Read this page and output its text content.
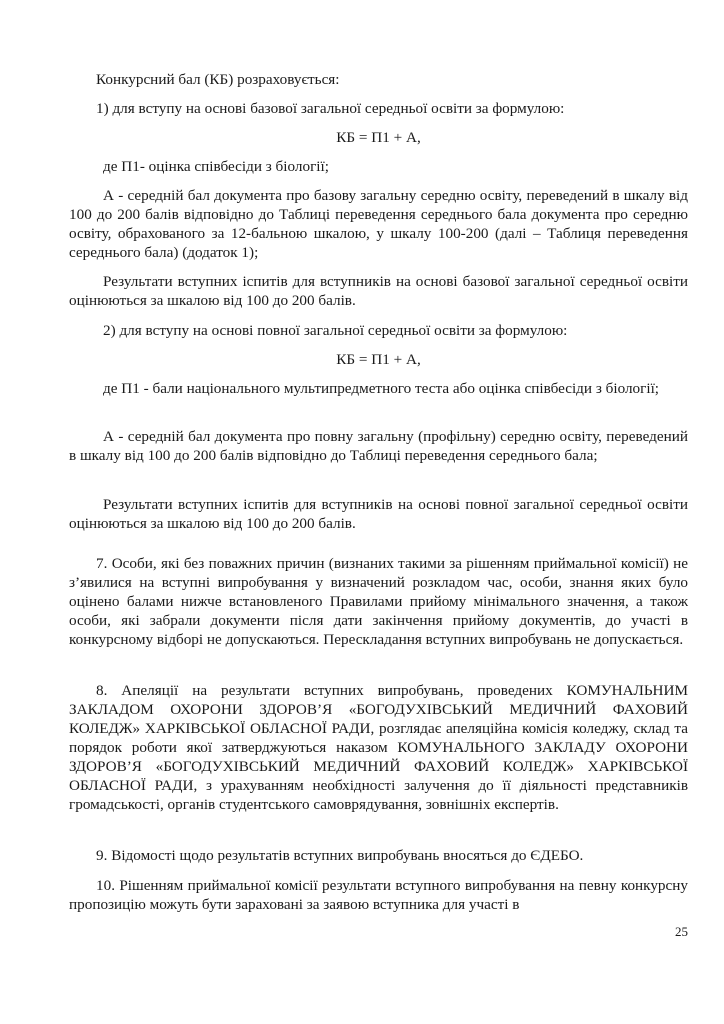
Конкурсний бал (КБ) розраховується:

1) для вступу на основі базової загальної середньої освіти за формулою:

КБ = П1 + А,

де П1- оцінка співбесіди з біології;

А - середній бал документа про базову загальну середню освіту, переведений в шкалу від 100 до 200 балів відповідно до Таблиці переведення середнього бала документа про середню освіту, обрахованого за 12-бальною шкалою, у шкалу 100-200 (далі – Таблиця переведення середнього бала) (додаток 1);

Результати вступних іспитів для вступників на основі базової загальної середньої освіти оцінюються за шкалою від 100 до 200 балів.

2) для вступу на основі повної загальної середньої освіти за формулою:

КБ = П1 + А,

де П1 - бали національного мультипредметного теста або оцінка співбесіди з біології;

А - середній бал документа про повну загальну (профільну) середню освіту, переведений в шкалу від 100 до 200 балів відповідно до Таблиці переведення середнього бала;

Результати вступних іспитів для вступників на основі повної загальної середньої освіти оцінюються за шкалою від 100 до 200 балів.

7. Особи, які без поважних причин (визнаних такими за рішенням приймальної комісії) не з’явилися на вступні випробування у визначений розкладом час, особи, знання яких було оцінено балами нижче встановленого Правилами прийому мінімального значення, а також особи, які забрали документи після дати закінчення прийому документів, до участі в конкурсному відборі не допускаються. Перескладання вступних випробувань не допускається.

8. Апеляції на результати вступних випробувань, проведених КОМУНАЛЬНИМ ЗАКЛАДОМ ОХОРОНИ ЗДОРОВ’Я «БОГОДУХІВСЬКИЙ МЕДИЧНИЙ ФАХОВИЙ КОЛЕДЖ» ХАРКІВСЬКОЇ ОБЛАСНОЇ РАДИ, розглядає апеляційна комісія коледжу, склад та порядок роботи якої затверджуються наказом КОМУНАЛЬНОГО ЗАКЛАДУ ОХОРОНИ ЗДОРОВ’Я «БОГОДУХІВСЬКИЙ МЕДИЧНИЙ ФАХОВИЙ КОЛЕДЖ» ХАРКІВСЬКОЇ ОБЛАСНОЇ РАДИ, з урахуванням необхідності залучення до її діяльності представників громадськості, органів студентського самоврядування, зовнішніх експертів.

9. Відомості щодо результатів вступних випробувань вносяться до ЄДЕБО.

10. Рішенням приймальної комісії результати вступного випробування на певну конкурсну пропозицію можуть бути зараховані за заявою вступника для участі в

25
